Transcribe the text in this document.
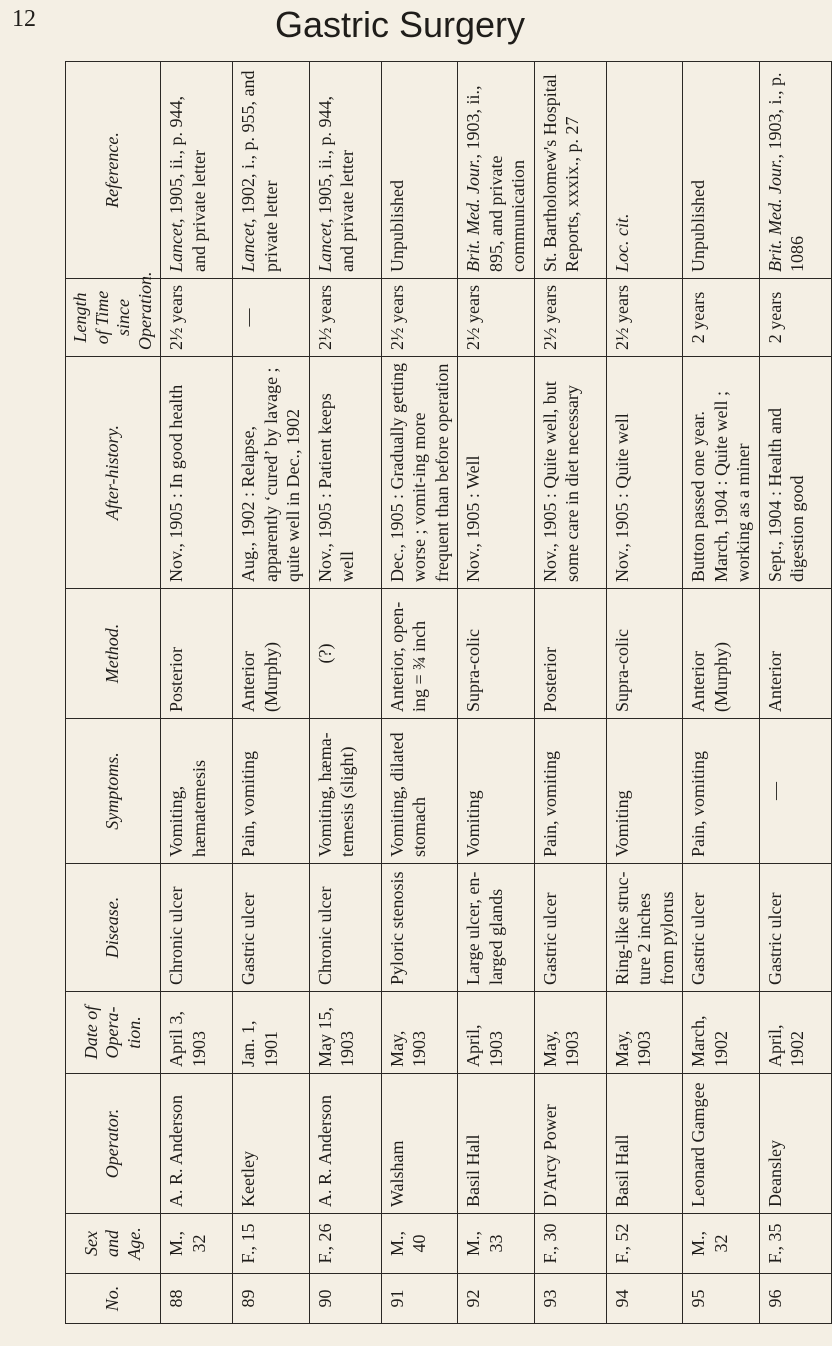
12	Gastric Surgery
No.	Sex and Age.	Operator.	Date of Opera-tion.	Disease.	Symptoms.	Method.	After-history.	Length of Time since Operation.	Reference.
88	M., 32	A. R. Anderson	April 3, 1903	Chronic ulcer	Vomiting, hæmatemesis	Posterior	Nov., 1905 : In good health	2½ years	Lancet, 1905, ii., p. 944, and private letter
89	F., 15	Keetley	Jan. 1, 1901	Gastric ulcer	Pain, vomiting	Anterior (Murphy)	Aug., 1902 : Relapse, apparently ‘cured’ by lavage ; quite well in Dec., 1902	—	Lancet, 1902, i., p. 955, and private letter
90	F., 26	A. R. Anderson	May 15, 1903	Chronic ulcer	Vomiting, hæma-temesis (slight)	(?)	Nov., 1905 : Patient keeps well	2½ years	Lancet, 1905, ii., p. 944, and private letter
91	M., 40	Walsham	May, 1903	Pyloric stenosis	Vomiting, dilated stomach	Anterior, open-ing = ¾ inch	Dec., 1905 : Gradually getting worse ; vomit-ing more frequent than before operation	2½ years	Unpublished
92	M., 33	Basil Hall	April, 1903	Large ulcer, en-larged glands	Vomiting	Supra-colic	Nov., 1905 : Well	2½ years	Brit. Med. Jour., 1903, ii., 895, and private communication
93	F., 30	D'Arcy Power	May, 1903	Gastric ulcer	Pain, vomiting	Posterior	Nov., 1905 : Quite well, but some care in diet necessary	2½ years	St. Bartholomew's Hospital Reports, xxxix., p. 27
94	F., 52	Basil Hall	May, 1903	Ring-like struc-ture 2 inches from pylorus	Vomiting	Supra-colic	Nov., 1905 : Quite well	2½ years	Loc. cit.
95	M., 32	Leonard Gamgee	March, 1902	Gastric ulcer	Pain, vomiting	Anterior (Murphy)	Button passed one year. March, 1904 : Quite well ; working as a miner	2 years	Unpublished
96	F., 35	Deansley	April, 1902	Gastric ulcer	—	Anterior	Sept., 1904 : Health and digestion good	2 years	Brit. Med. Jour., 1903, i., p. 1086
